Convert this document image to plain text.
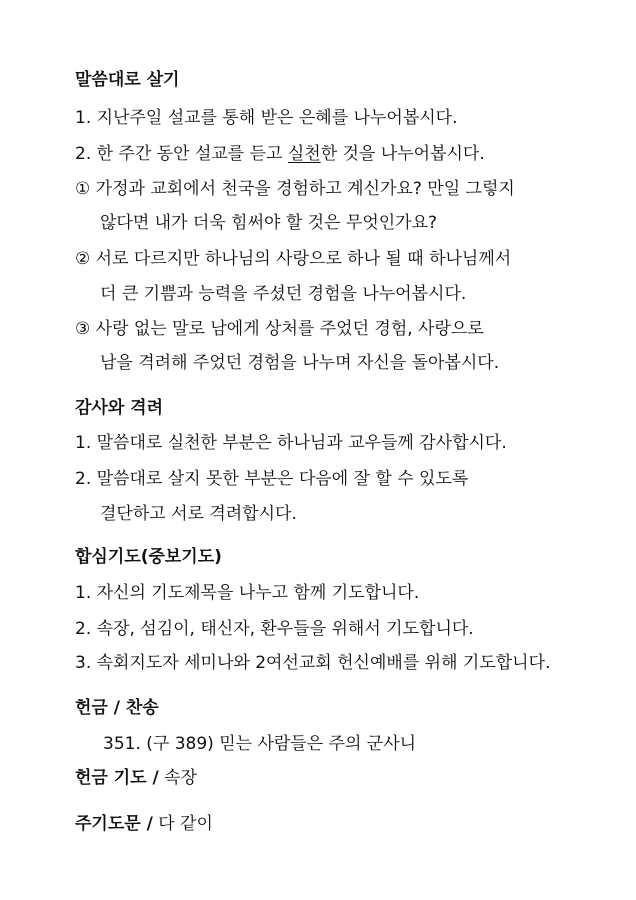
말씀대로 살기
1. 지난주일 설교를 통해 받은 은혜를 나누어봅시다.
2. 한 주간 동안 설교를 듣고 실천한 것을 나누어봅시다.
① 가정과 교회에서 천국을 경험하고 계신가요? 만일 그렇지
않다면 내가 더욱 힘써야 할 것은 무엇인가요?
② 서로 다르지만 하나님의 사랑으로 하나 될 때 하나님께서
더 큰 기쁨과 능력을 주셨던 경험을 나누어봅시다.
③ 사랑 없는 말로 남에게 상처를 주었던 경험, 사랑으로
남을 격려해 주었던 경험을 나누며 자신을 돌아봅시다.
감사와 격려
1. 말씀대로 실천한 부분은 하나님과 교우들께 감사합시다.
2. 말씀대로 살지 못한 부분은 다음에 잘 할 수 있도록
결단하고 서로 격려합시다.
합심기도(중보기도)
1. 자신의 기도제목을 나누고 함께 기도합니다.
2. 속장, 섬김이, 태신자, 환우들을 위해서 기도합니다.
3. 속회지도자 세미나와 2여선교회 헌신예배를 위해 기도합니다.
헌금 / 찬송
351. (구 389) 믿는 사람들은 주의 군사니
헌금 기도 / 속장
주기도문 / 다 같이
